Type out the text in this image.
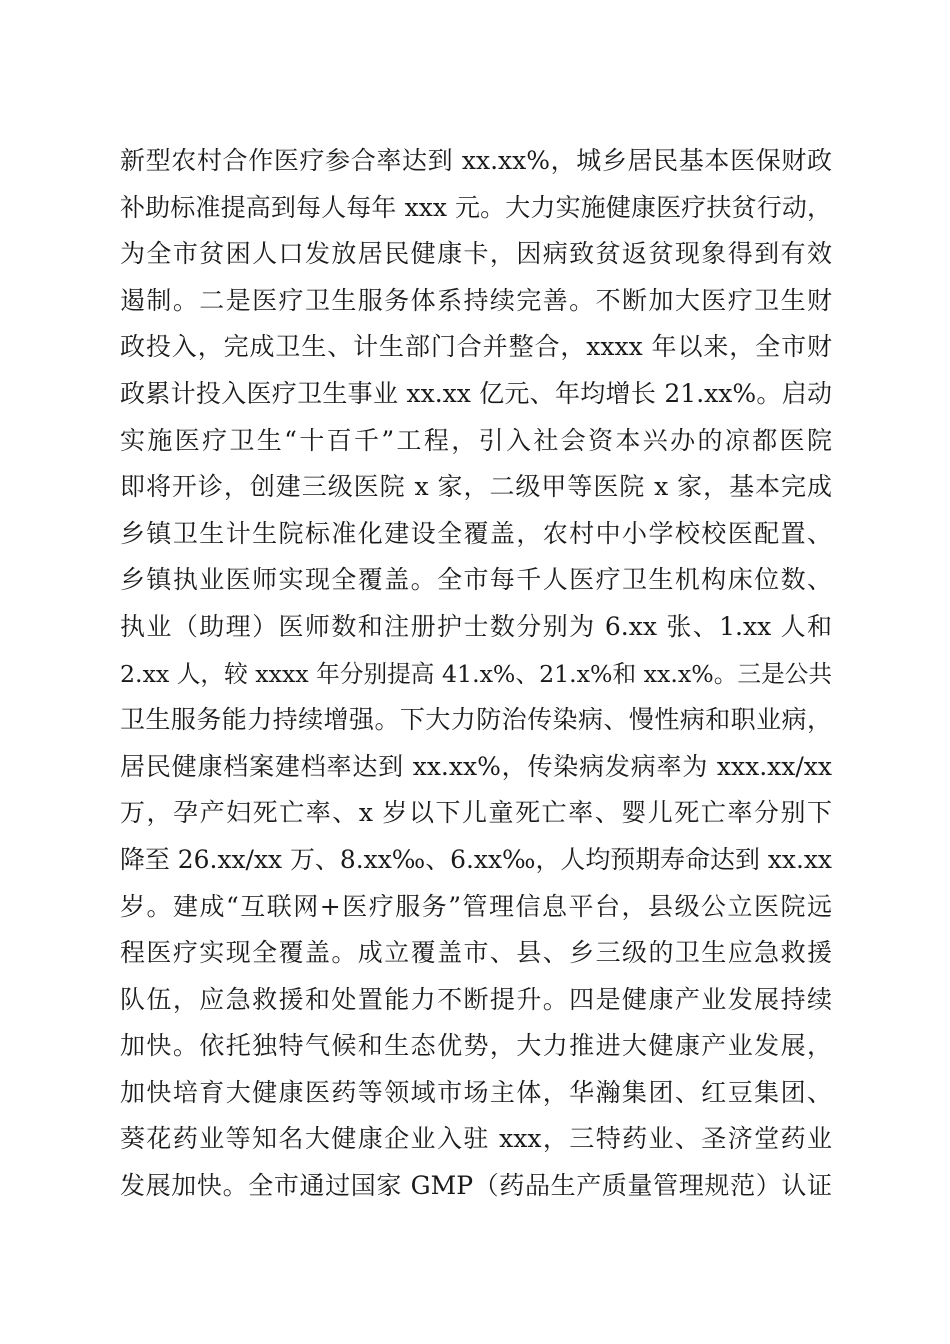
新型农村合作医疗参合率达到 xx.xx%，城乡居民基本医保财政
补助标准提高到每人每年 xxx 元。大力实施健康医疗扶贫行动，
为全市贫困人口发放居民健康卡，因病致贫返贫现象得到有效
遏制。二是医疗卫生服务体系持续完善。不断加大医疗卫生财
政投入，完成卫生、计生部门合并整合，xxxx 年以来，全市财
政累计投入医疗卫生事业 xx.xx 亿元、年均增长 21.xx%。启动
实施医疗卫生“十百千”工程，引入社会资本兴办的凉都医院
即将开诊，创建三级医院 x 家，二级甲等医院 x 家，基本完成
乡镇卫生计生院标准化建设全覆盖，农村中小学校校医配置、
乡镇执业医师实现全覆盖。全市每千人医疗卫生机构床位数、
执业（助理）医师数和注册护士数分别为 6.xx 张、1.xx 人和
2.xx 人，较 xxxx 年分别提高 41.x%、21.x%和 xx.x%。三是公共
卫生服务能力持续增强。下大力防治传染病、慢性病和职业病，
居民健康档案建档率达到 xx.xx%，传染病发病率为 xxx.xx/xx
万，孕产妇死亡率、x 岁以下儿童死亡率、婴儿死亡率分别下
降至 26.xx/xx 万、8.xx‰、6.xx‰，人均预期寿命达到 xx.xx
岁。建成“互联网+医疗服务”管理信息平台，县级公立医院远
程医疗实现全覆盖。成立覆盖市、县、乡三级的卫生应急救援
队伍，应急救援和处置能力不断提升。四是健康产业发展持续
加快。依托独特气候和生态优势，大力推进大健康产业发展，
加快培育大健康医药等领域市场主体，华瀚集团、红豆集团、
葵花药业等知名大健康企业入驻 xxx，三特药业、圣济堂药业
发展加快。全市通过国家 GMP（药品生产质量管理规范）认证
